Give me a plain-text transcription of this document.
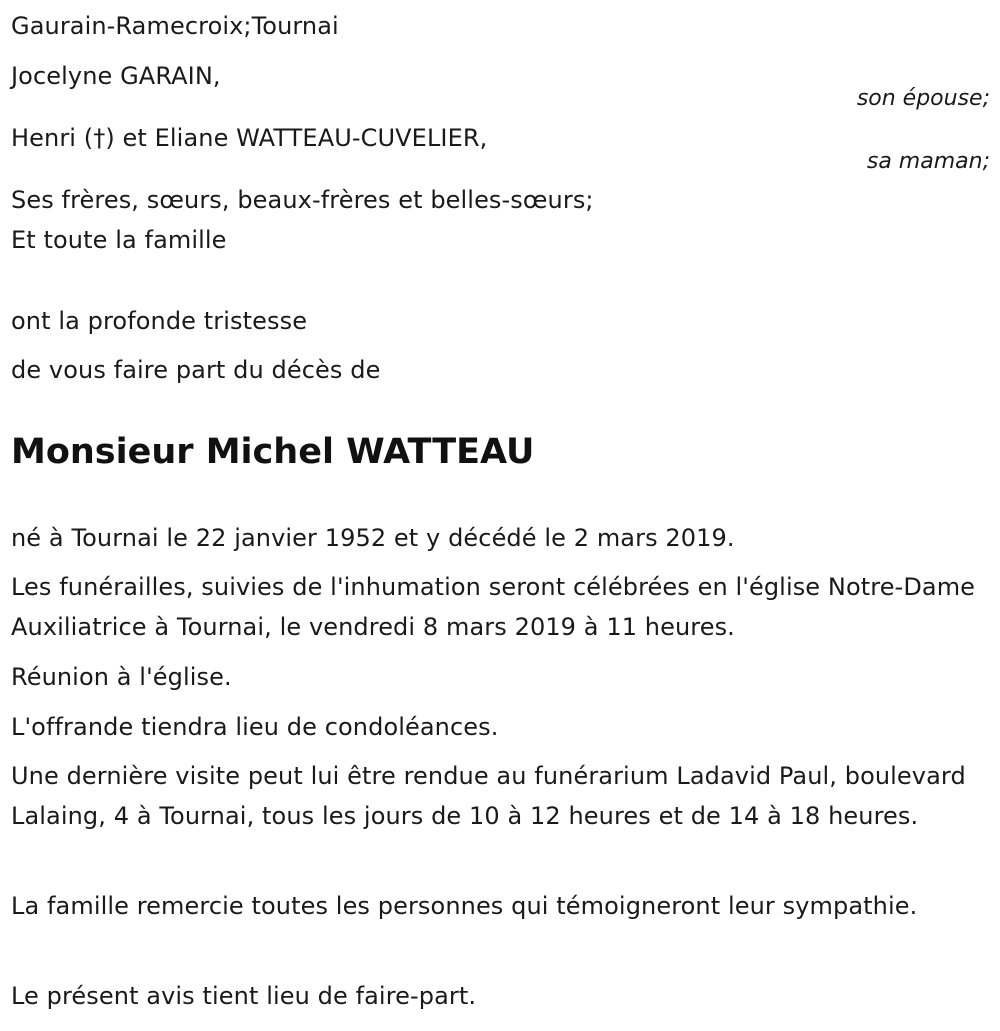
Gaurain-Ramecroix;Tournai
Jocelyne GARAIN,
son épouse;
Henri (†) et Eliane WATTEAU-CUVELIER,
sa maman;
Ses frères, sœurs, beaux-frères et belles-sœurs;
Et toute la famille
ont la profonde tristesse
de vous faire part du décès de
Monsieur Michel WATTEAU
né à Tournai le 22 janvier 1952 et y décédé le 2 mars 2019.
Les funérailles, suivies de l'inhumation seront célébrées en l'église Notre-Dame Auxiliatrice à Tournai, le vendredi 8 mars 2019 à 11 heures.
Réunion à l'église.
L'offrande tiendra lieu de condoléances.
Une dernière visite peut lui être rendue au funérarium Ladavid Paul, boulevard Lalaing, 4 à Tournai, tous les jours de 10 à 12 heures et de 14 à 18 heures.
La famille remercie toutes les personnes qui témoigneront leur sympathie.
Le présent avis tient lieu de faire-part.
